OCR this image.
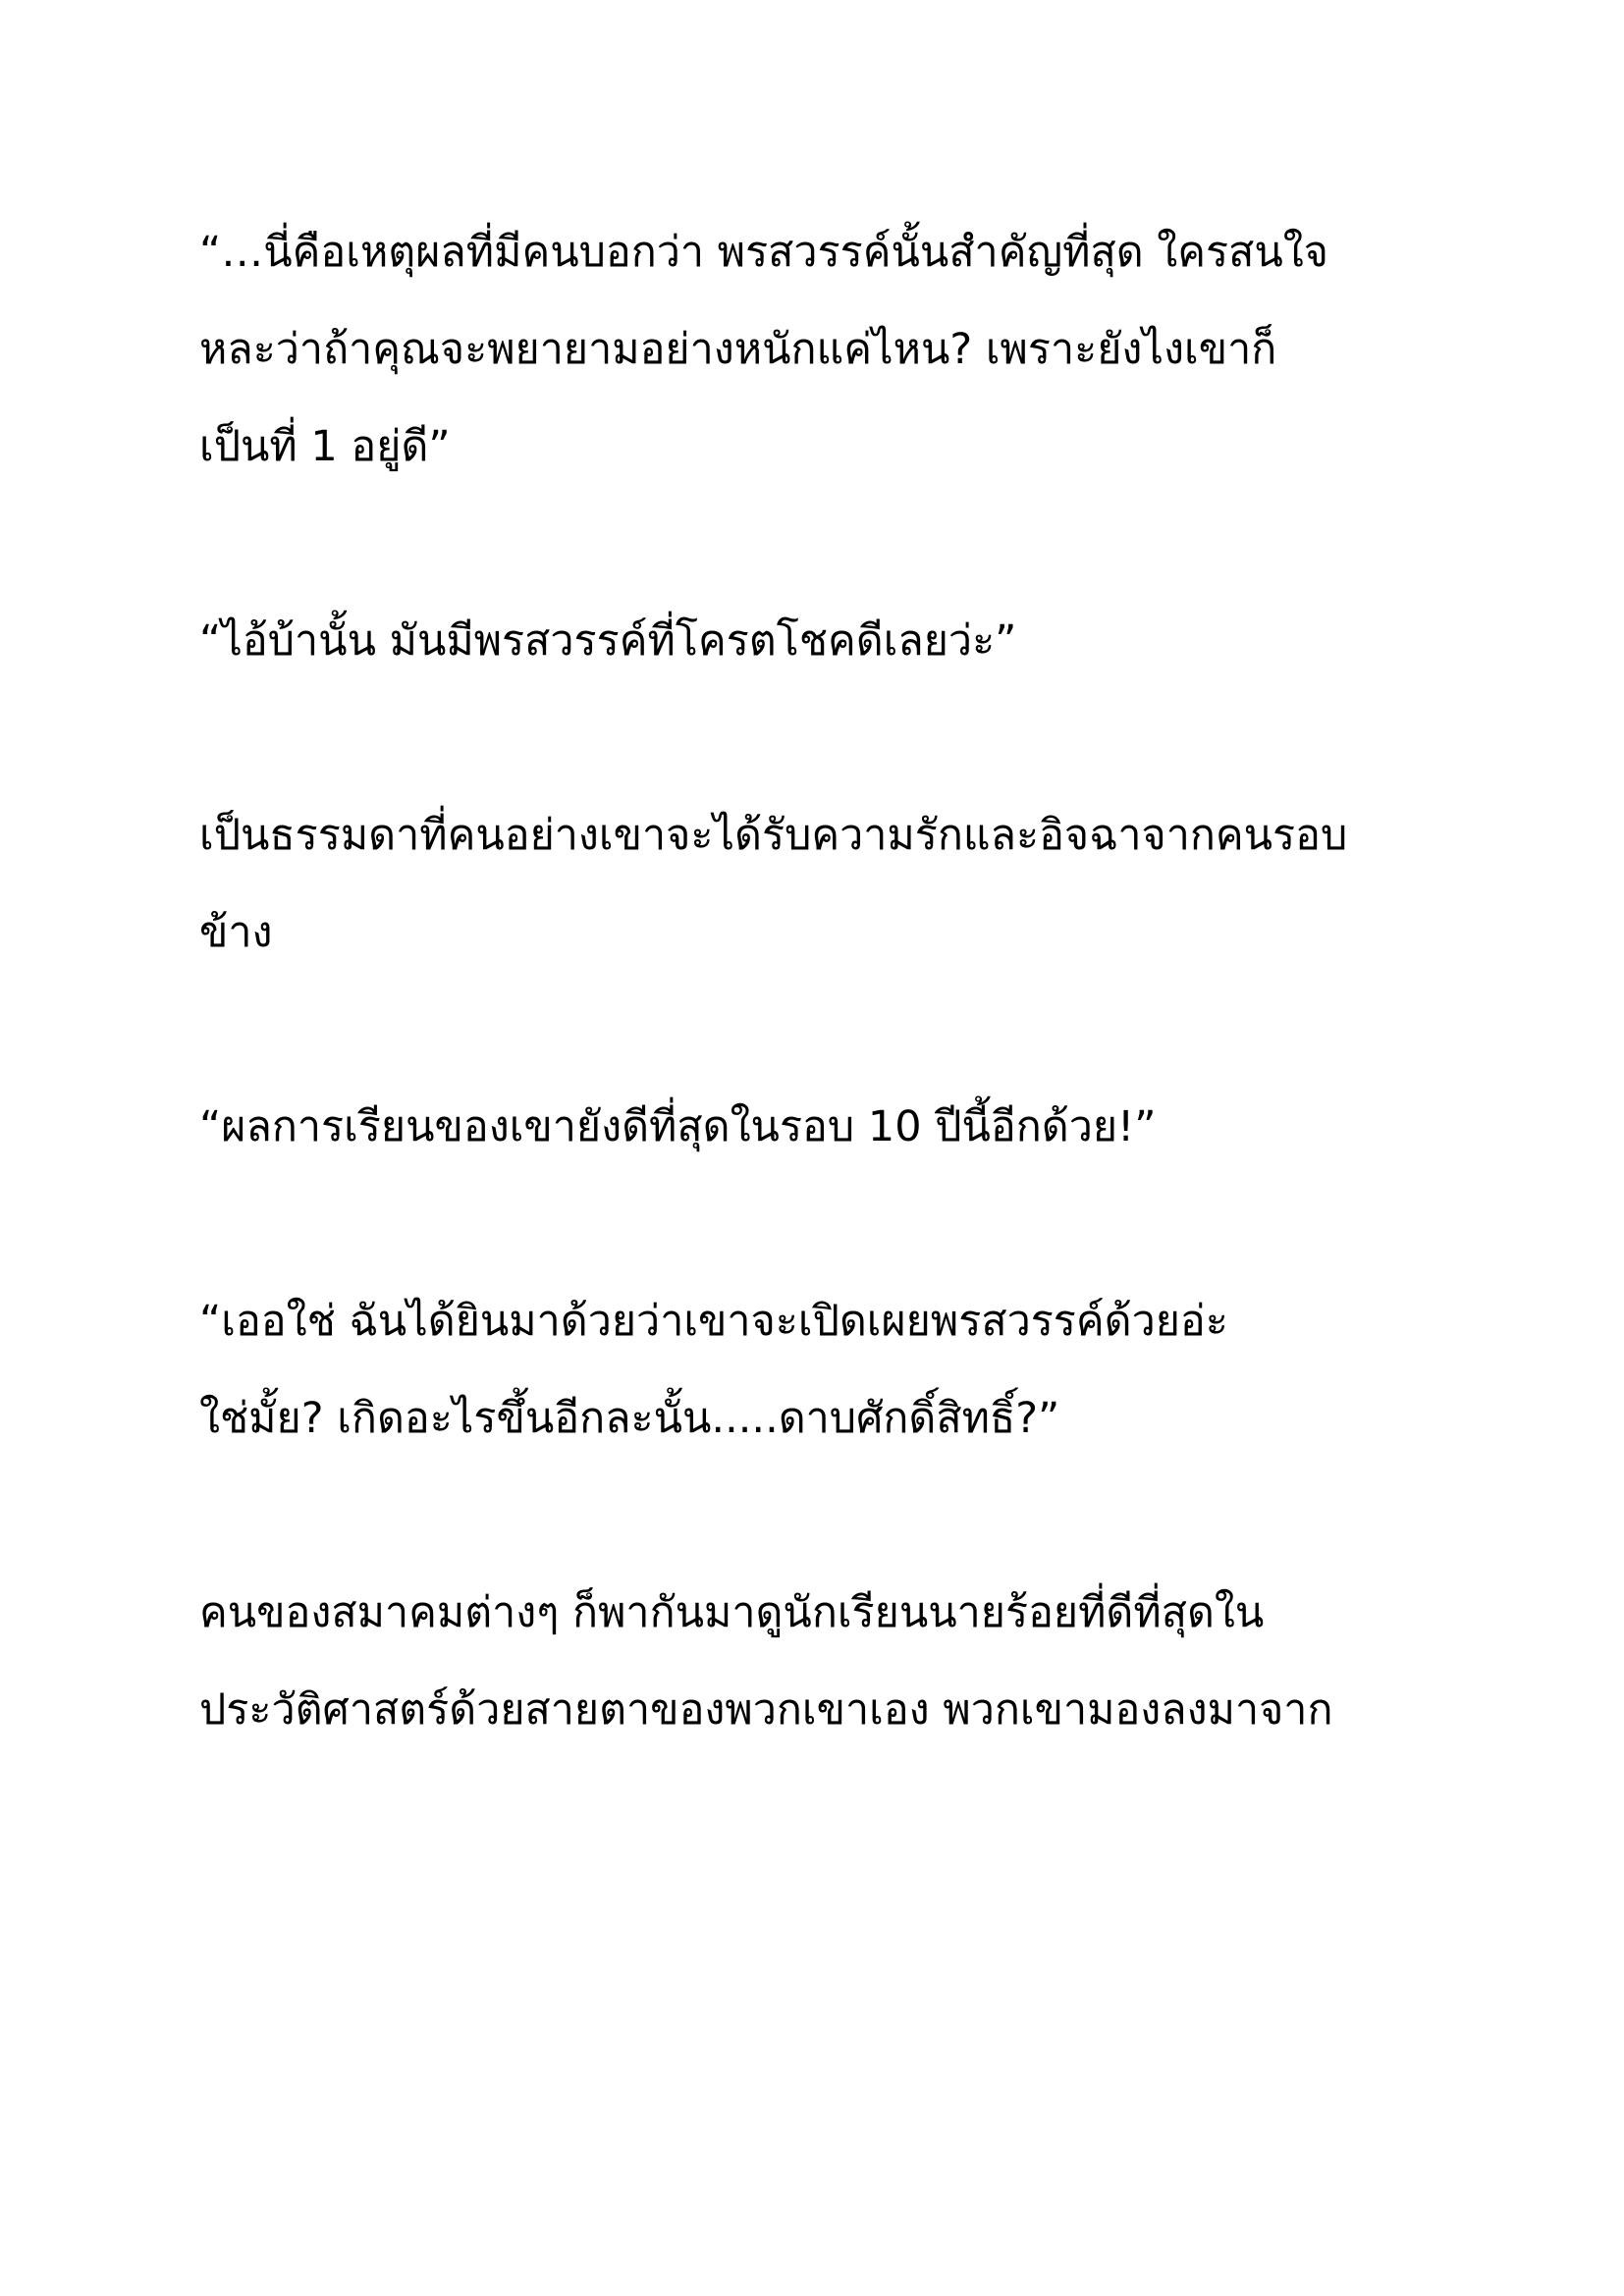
“…นี่คือเหตุผลที่มีคนบอกว่า พรสวรรค์นั้นสำคัญที่สุด ใครสนใจ
หละว่าถ้าคุณจะพยายามอย่างหนักแค่ไหน? เพราะยังไงเขาก็
เป็นที่ 1 อยู่ดี”

“ไอ้บ้านั้น มันมีพรสวรรค์ที่โครตโชคดีเลยว่ะ”

เป็นธรรมดาที่คนอย่างเขาจะได้รับความรักและอิจฉาจากคนรอบ
ข้าง

“ผลการเรียนของเขายังดีที่สุดในรอบ 10 ปีนี้อีกด้วย!”

“เออใช่ ฉันได้ยินมาด้วยว่าเขาจะเปิดเผยพรสวรรค์ด้วยอ่ะ
ใช่มั้ย? เกิดอะไรขึ้นอีกละนั้น.....ดาบศักดิ์สิทธิ์?”

คนของสมาคมต่างๆ ก็พากันมาดูนักเรียนนายร้อยที่ดีที่สุดใน
ประวัติศาสตร์ด้วยสายตาของพวกเขาเอง พวกเขามองลงมาจาก
